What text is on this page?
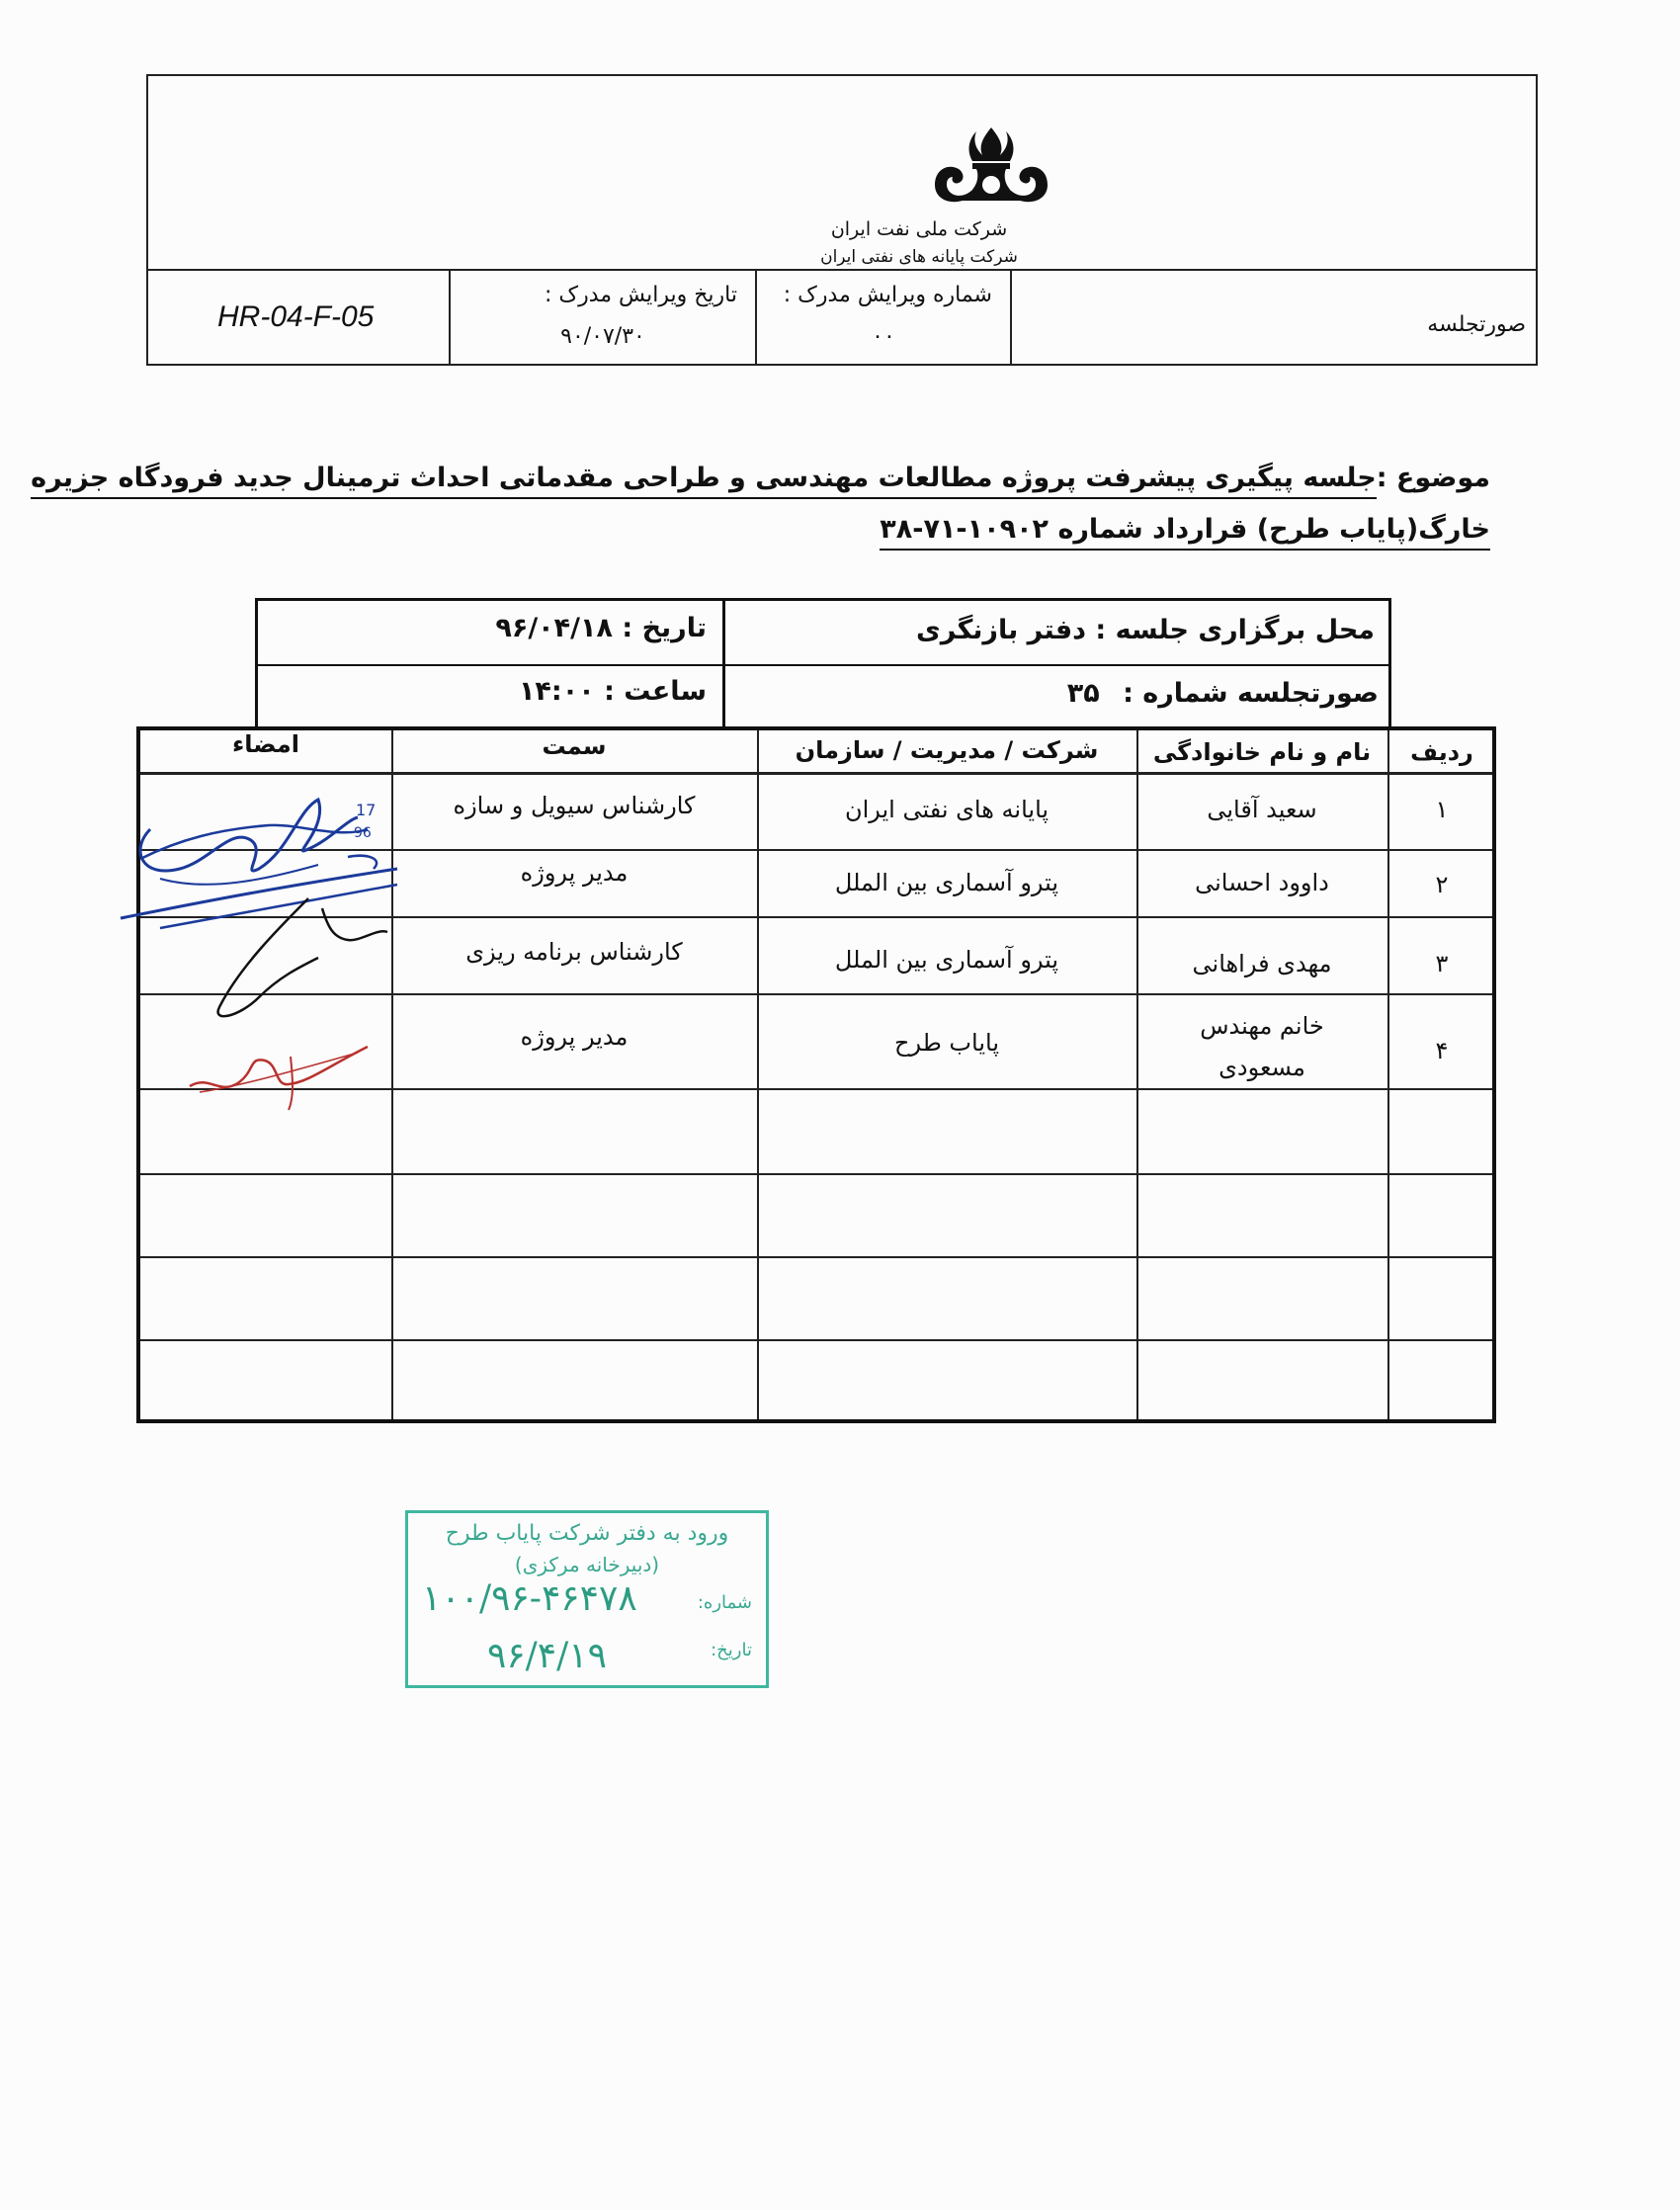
شرکت ملی نفت ایران
شرکت پایانه های نفتی ایران
HR-04-F-05
تاریخ ویرایش مدرک :
۹۰/۰۷/۳۰
شماره ویرایش مدرک :
۰۰	صورتجلسه
موضوع :جلسه پیگیری پیشرفت پروژه مطالعات مهندسی و طراحی مقدماتی احداث ترمینال جدید فرودگاه جزیره
خارگ(پایاب طرح) قرارداد شماره ۱۰۹۰۲-۷۱-۳۸
محل برگزاری جلسه : دفتر بازنگری
تاریخ : ۹۶/۰۴/۱۸
صورتجلسه شماره : ۳۵
ساعت : ۱۴:۰۰
ردیف
نام و نام خانوادگی
شرکت / مدیریت / سازمان
سمت
امضاء
۱
سعید آقایی
پایانه های نفتی ایران
کارشناس سیویل و سازه
۲
داوود احسانی
پترو آسماری بین الملل
مدیر پروژه
۳
مهدی فراهانی
پترو آسماری بین الملل
کارشناس برنامه ریزی
۴
خانم مهندس مسعودی
پایاب طرح
مدیر پروژه
17
96
ورود به دفتر شرکت پایاب طرح
(دبیرخانه مرکزی)
شماره:
۱۰۰/۹۶-۴۶۴۷۸
تاریخ:
۹۶/۴/۱۹
